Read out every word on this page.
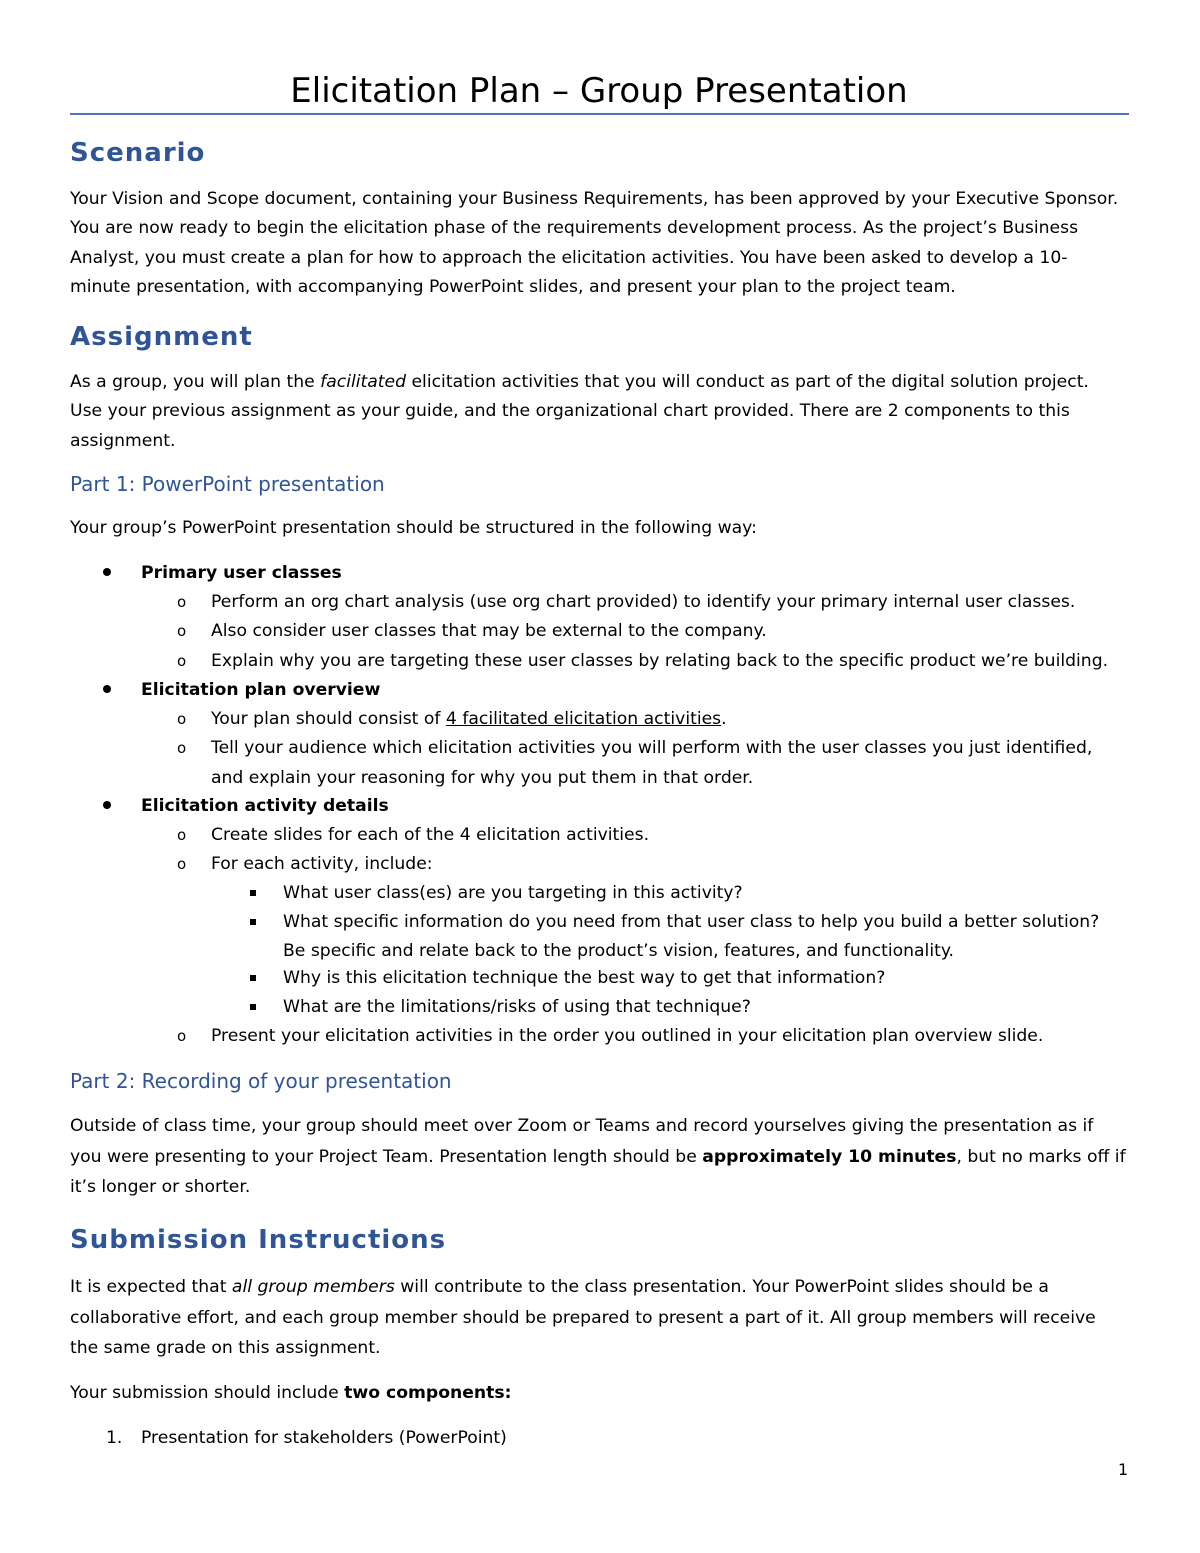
Elicitation Plan – Group Presentation
Scenario
Your Vision and Scope document, containing your Business Requirements, has been approved by your Executive Sponsor.
You are now ready to begin the elicitation phase of the requirements development process. As the project’s Business
Analyst, you must create a plan for how to approach the elicitation activities. You have been asked to develop a 10-
minute presentation, with accompanying PowerPoint slides, and present your plan to the project team.
Assignment
As a group, you will plan the facilitated elicitation activities that you will conduct as part of the digital solution project.
Use your previous assignment as your guide, and the organizational chart provided. There are 2 components to this
assignment.
Part 1: PowerPoint presentation
Your group’s PowerPoint presentation should be structured in the following way:
Primary user classes
o Perform an org chart analysis (use org chart provided) to identify your primary internal user classes.
o Also consider user classes that may be external to the company.
o Explain why you are targeting these user classes by relating back to the specific product we’re building.
Elicitation plan overview
o Your plan should consist of 4 facilitated elicitation activities.
o Tell your audience which elicitation activities you will perform with the user classes you just identified,
and explain your reasoning for why you put them in that order.
Elicitation activity details
o Create slides for each of the 4 elicitation activities.
o For each activity, include:
What user class(es) are you targeting in this activity?
What specific information do you need from that user class to help you build a better solution?
Be specific and relate back to the product’s vision, features, and functionality.
Why is this elicitation technique the best way to get that information?
What are the limitations/risks of using that technique?
o Present your elicitation activities in the order you outlined in your elicitation plan overview slide.
Part 2: Recording of your presentation
Outside of class time, your group should meet over Zoom or Teams and record yourselves giving the presentation as if
you were presenting to your Project Team. Presentation length should be approximately 10 minutes, but no marks off if
it’s longer or shorter.
Submission Instructions
It is expected that all group members will contribute to the class presentation. Your PowerPoint slides should be a
collaborative effort, and each group member should be prepared to present a part of it. All group members will receive
the same grade on this assignment.
Your submission should include two components:
1. Presentation for stakeholders (PowerPoint)
1
